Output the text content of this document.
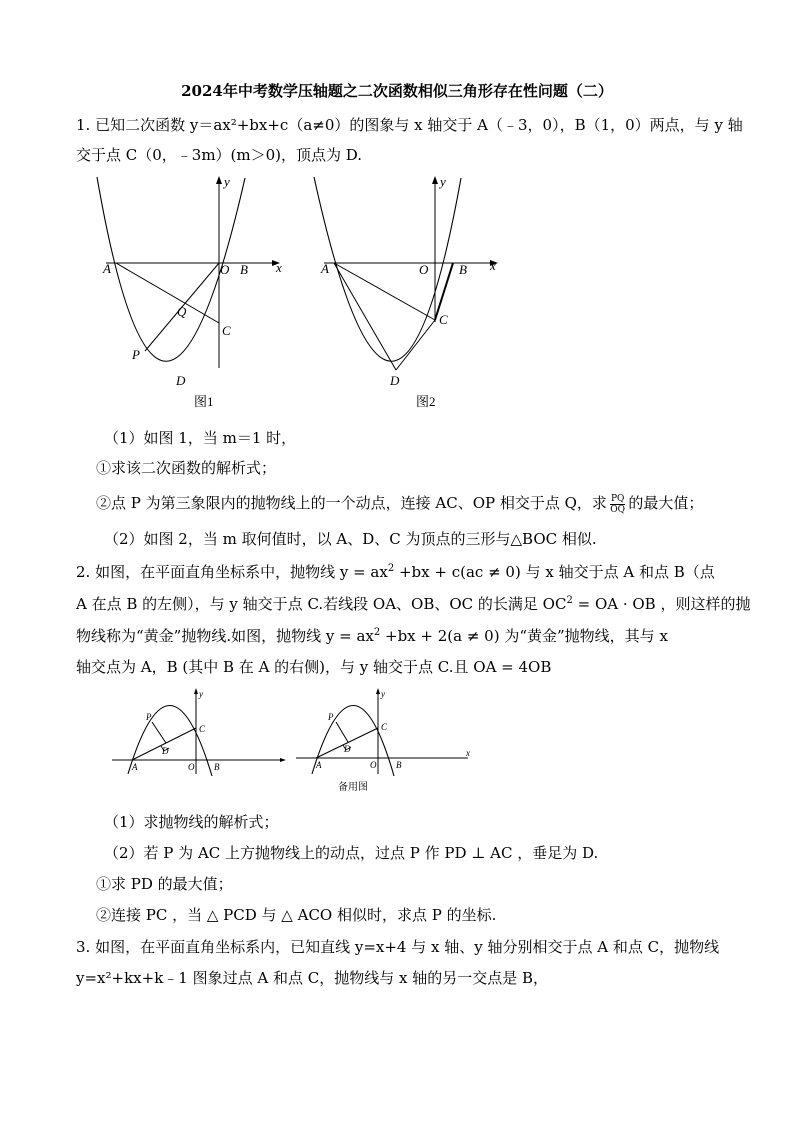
2024年中考数学压轴题之二次函数相似三角形存在性问题（二）
1. 已知二次函数 y＝ax²+bx+c（a≠0）的图象与 x 轴交于 A（﹣3，0），B（1，0）两点，与 y 轴
交于点 C（0，﹣3m）(m＞0)，顶点为 D.
y
x
A	O B
C
Q
P
D
图1
y
x
A	O B
C
D
图2
（1）如图 1，当 m＝1 时，
①求该二次函数的解析式；
②点 P 为第三象限内的抛物线上的一个动点，连接 AC、OP 相交于点 Q，求 $\frac{PQ}{OQ}$ 的最大值；
（2）如图 2，当 m 取何值时，以 A、D、C 为顶点的三形与△BOC 相似.
2. 如图，在平面直角坐标系中，抛物线 $y = ax^2 +bx + c(ac \ne 0)$ 与 x 轴交于点 A 和点 B（点
A 在点 B 的左侧），与 y 轴交于点 C.若线段 OA、OB、OC 的长满足 $OC^2$ = OA · OB ，则这样的抛
物线称为“黄金”抛物线.如图，抛物线 $y = ax^2 +bx + 2(a \ne 0)$ 为“黄金”抛物线，其与 x
轴交点为 A，B (其中 B 在 A 的右侧)，与 y 轴交于点 C.且 OA = 4OB
y
P
C
D
A	O B
x
y
P
C
D
A	O B
备用图
（1）求抛物线的解析式；
（2）若 P 为 AC 上方抛物线上的动点，过点 P 作 PD ⊥ AC ，垂足为 D.
①求 PD 的最大值；
②连接 PC ，当 △ PCD 与 △ ACO 相似时，求点 P 的坐标.
3. 如图，在平面直角坐标系内，已知直线 y=x+4 与 x 轴、y 轴分别相交于点 A 和点 C，抛物线
y=x²+kx+k﹣1 图象过点 A 和点 C，抛物线与 x 轴的另一交点是 B，
